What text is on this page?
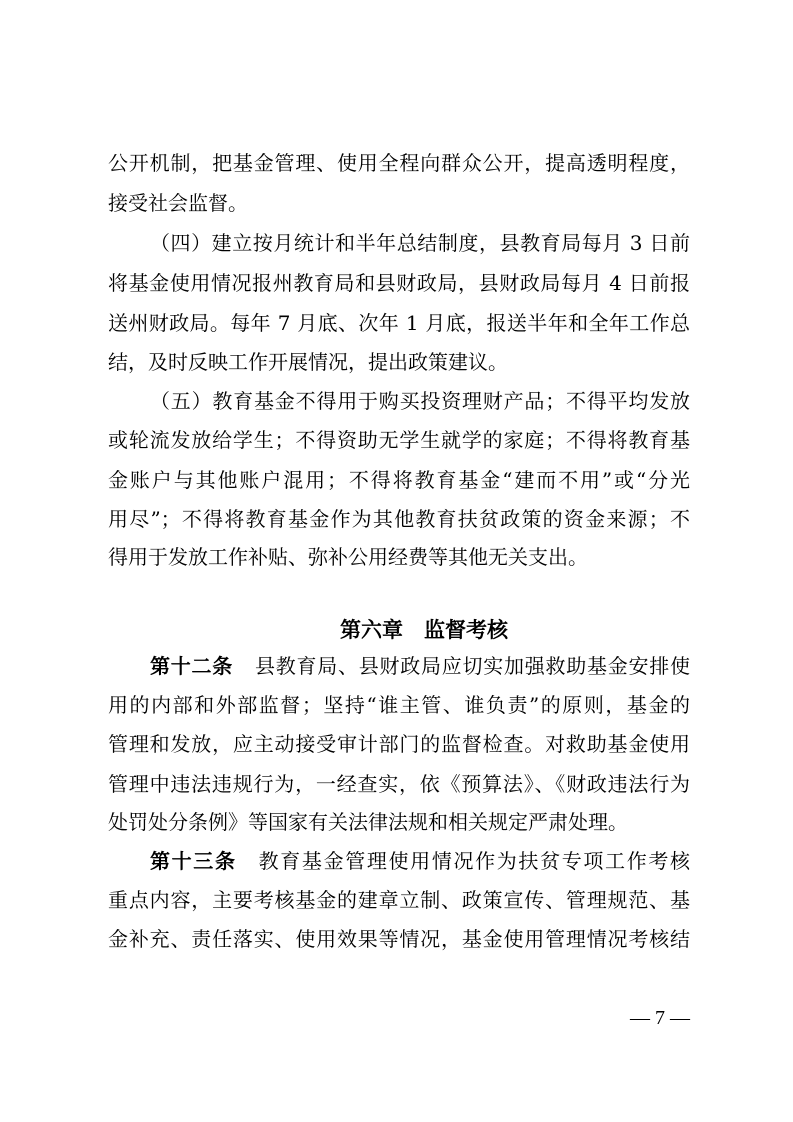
公开机制，把基金管理、使用全程向群众公开，提高透明程度，
接受社会监督。
（四）建立按月统计和半年总结制度，县教育局每月 3 日前
将基金使用情况报州教育局和县财政局，县财政局每月 4 日前报
送州财政局。每年 7 月底、次年 1 月底，报送半年和全年工作总
结，及时反映工作开展情况，提出政策建议。
（五）教育基金不得用于购买投资理财产品；不得平均发放
或轮流发放给学生；不得资助无学生就学的家庭；不得将教育基
金账户与其他账户混用；不得将教育基金“建而不用”或“分光
用尽”；不得将教育基金作为其他教育扶贫政策的资金来源；不
得用于发放工作补贴、弥补公用经费等其他无关支出。
第六章　监督考核
第十二条 县教育局、县财政局应切实加强救助基金安排使
用的内部和外部监督；坚持“谁主管、谁负责”的原则，基金的
管理和发放，应主动接受审计部门的监督检查。对救助基金使用
管理中违法违规行为，一经查实，依《预算法》、《财政违法行为
处罚处分条例》等国家有关法律法规和相关规定严肃处理。
第十三条 教育基金管理使用情况作为扶贫专项工作考核
重点内容，主要考核基金的建章立制、政策宣传、管理规范、基
金补充、责任落实、使用效果等情况，基金使用管理情况考核结
— 7 —
